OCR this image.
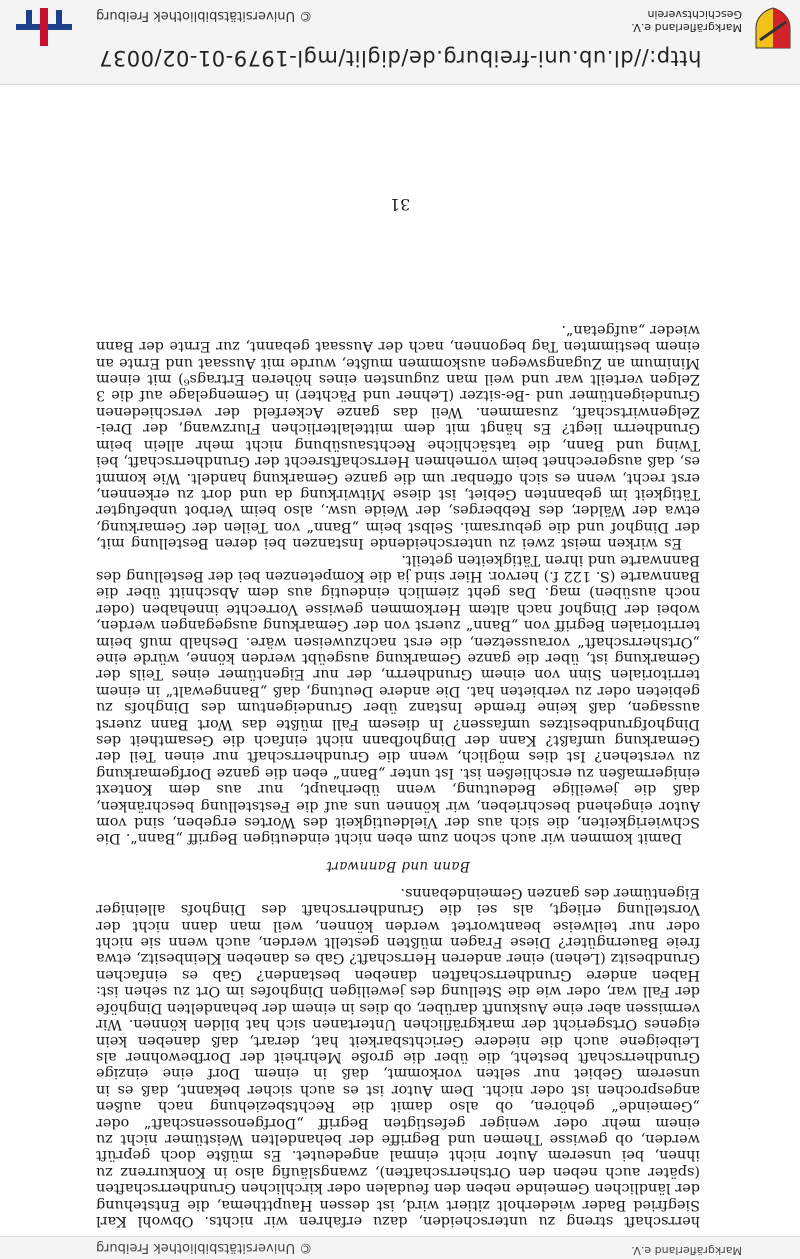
Markgräflerland e.V.
© Universitätsbibliothek Freiburg

herrschaft streng zu unterscheiden, dazu erfahren wir nichts. Obwohl Karl Siegfried Bader wiederholt zitiert wird, ist dessen Hauptthema, die Entstehung der ländlichen Gemeinde neben den feudalen oder kirchlichen Grundherrschaften (später auch neben den Ortsherrschaften), zwangsläufig also in Konkurrenz zu ihnen, bei unserem Autor nicht einmal angedeutet. Es müßte doch geprüft werden, ob gewisse Themen und Begriffe der behandelten Weistümer nicht zu einem mehr oder weniger gefestigten Begriff „Dorfgenossenschaft“ oder „Gemeinde“ gehören, ob also damit die Rechtsbeziehung nach außen angesprochen ist oder nicht. Dem Autor ist es auch sicher bekannt, daß es in unserem Gebiet nur selten vorkommt, daß in einem Dorf eine einzige Grundherrschaft besteht, die über die große Mehrheit der Dorfbewohner als Leibeigene auch die niedere Gerichtsbarkeit hat, derart, daß daneben kein eigenes Ortsgericht der markgräflichen Untertanen sich hat bilden können. Wir vermissen aber eine Auskunft darüber, ob dies in einem der behandelten Dinghöfe der Fall war, oder wie die Stellung des jeweiligen Dinghofes im Ort zu sehen ist: Haben andere Grundherrschaften daneben bestanden? Gab es einfachen Grundbesitz (Lehen) einer anderen Herrschaft? Gab es daneben Kleinbesitz, etwa freie Bauerngüter? Diese Fragen müßten gestellt werden, auch wenn sie nicht oder nur teilweise beantwortet werden können, weil man dann nicht der Vorstellung erliegt, als sei die Grundherrschaft des Dinghofs alleiniger Eigentümer des ganzen Gemeindebanns.

Bann und Bannwart

Damit kommen wir auch schon zum eben nicht eindeutigen Begriff „Bann“. Die Schwierigkeiten, die sich aus der Vieldeutigkeit des Wortes ergeben, sind vom Autor eingehend beschrieben, wir können uns auf die Feststellung beschränken, daß die jeweilige Bedeutung, wenn überhaupt, nur aus dem Kontext einigermaßen zu erschließen ist. Ist unter „Bann“ eben die ganze Dorfgemarkung zu verstehen? Ist dies möglich, wenn die Grundherrschaft nur einen Teil der Gemarkung umfaßt? Kann der Dinghofbann nicht einfach die Gesamtheit des Dinghofgrundbesitzes umfassen? In diesem Fall müßte das Wort Bann zuerst aussagen, daß keine fremde Instanz über Grundeigentum des Dinghofs zu gebieten oder zu verbieten hat. Die andere Deutung, daß „Banngewalt“ in einem territorialen Sinn von einem Grundherrn, der nur Eigentümer eines Teils der Gemarkung ist, über die ganze Gemarkung ausgeübt werden könne, würde eine „Ortsherrschaft“ voraussetzen, die erst nachzuweisen wäre. Deshalb muß beim territorialen Begriff von „Bann“ zuerst von der Gemarkung ausgegangen werden, wobei der Dinghof nach altem Herkommen gewisse Vorrechte innehaben (oder noch ausüben) mag. Das geht ziemlich eindeutig aus dem Abschnitt über die Bannwarte (S. 122 f.) hervor. Hier sind ja die Kompetenzen bei der Bestellung des Bannwarte und ihren Tätigkeiten geteilt.

Es wirken meist zwei zu unterscheidende Instanzen bei deren Bestellung mit, der Dinghof und die gebursami. Selbst beim „Bann“ von Teilen der Gemarkung, etwa der Wälder, des Rebberges, der Weide usw., also beim Verbot unbefugter Tätigkeit im gebannten Gebiet, ist diese Mitwirkung da und dort zu erkennen, erst recht, wenn es sich offenbar um die ganze Gemarkung handelt. Wie kommt es, daß ausgerechnet beim vornehmen Herrschaftsrecht der Grundherrschaft, bei Twing und Bann, die tatsächliche Rechtsausübung nicht mehr allein beim Grundherrn liegt? Es hängt mit dem mittelalterlichen Flurzwang, der Drei-Zelgenwirtschaft, zusammen. Weil das ganze Ackerfeld der verschiedenen Grundeigentümer und -Be-sitzer (Lehner und Pächter) in Gemengelage auf die 3 Zelgen verteilt war und weil man zugunsten eines höheren Ertrags⁶) mit einem Minimum an Zugangswegen auskommen mußte, wurde mit Aussaat und Ernte an einem bestimmten Tag begonnen, nach der Aussaat gebannt, zur Ernte der Bann wieder „aufgetan“.

31
http://dl.ub.uni-freiburg.de/diglit/mgl-1979-01-02/0037
Markgräflerland e.V. Geschichtsverein
© Universitätsbibliothek Freiburg
